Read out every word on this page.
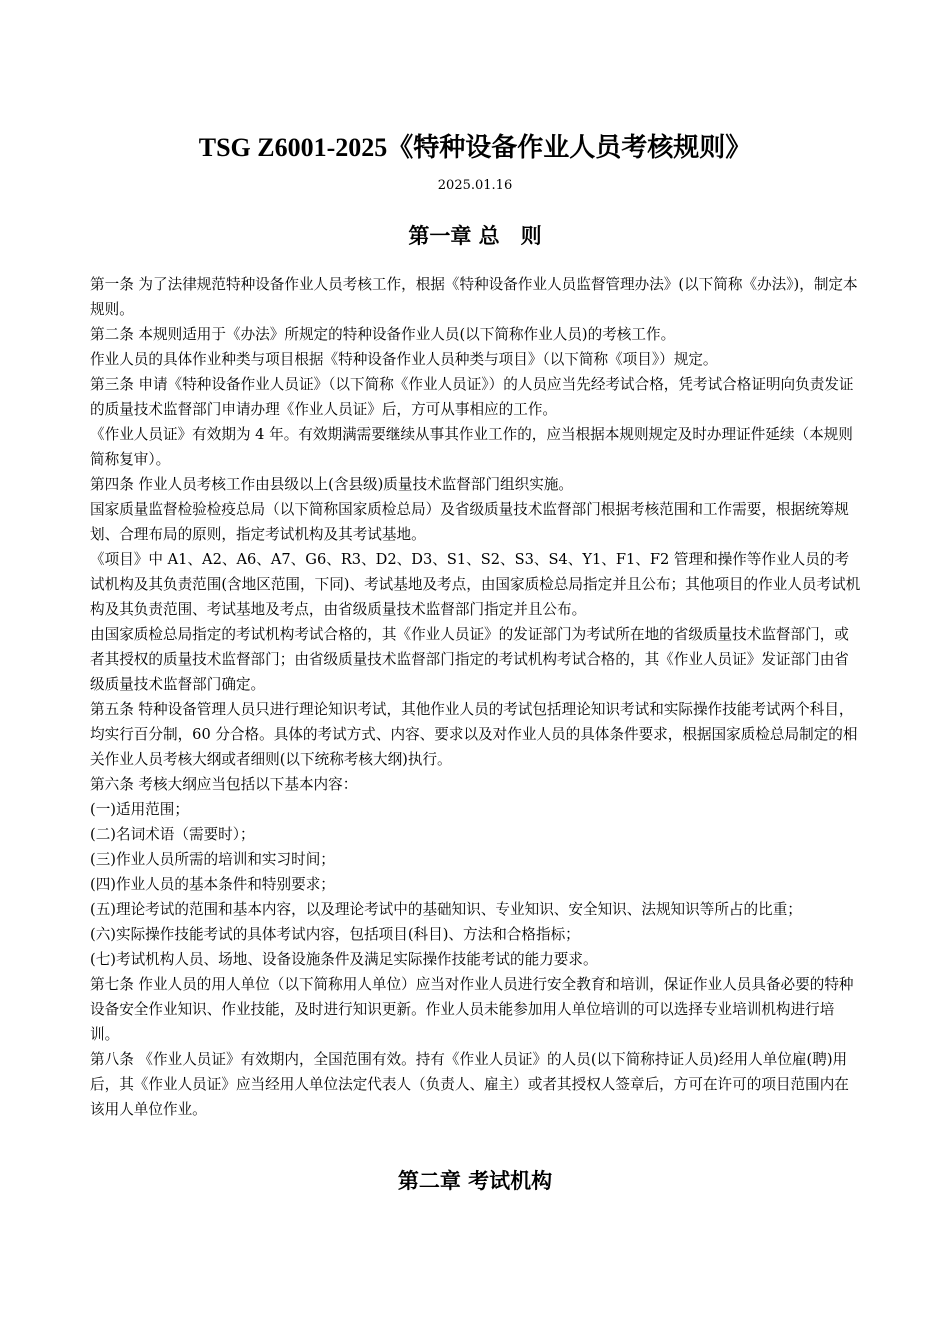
TSG Z6001-2025《特种设备作业人员考核规则》
2025.01.16
第一章 总　则

第一条 为了法律规范特种设备作业人员考核工作，根据《特种设备作业人员监督管理办法》(以下简称《办法》)，制定本规则。

第二条 本规则适用于《办法》所规定的特种设备作业人员(以下简称作业人员)的考核工作。

作业人员的具体作业种类与项目根据《特种设备作业人员种类与项目》（以下简称《项目》）规定。

第三条 申请《特种设备作业人员证》（以下简称《作业人员证》）的人员应当先经考试合格，凭考试合格证明向负责发证的质量技术监督部门申请办理《作业人员证》后，方可从事相应的工作。

《作业人员证》有效期为 4 年。有效期满需要继续从事其作业工作的，应当根据本规则规定及时办理证件延续（本规则简称复审）。

第四条 作业人员考核工作由县级以上(含县级)质量技术监督部门组织实施。

国家质量监督检验检疫总局（以下简称国家质检总局）及省级质量技术监督部门根据考核范围和工作需要，根据统筹规划、合理布局的原则，指定考试机构及其考试基地。

《项目》中 A1、A2、A6、A7、G6、R3、D2、D3、S1、S2、S3、S4、Y1、F1、F2 管理和操作等作业人员的考试机构及其负责范围(含地区范围，下同)、考试基地及考点，由国家质检总局指定并且公布；其他项目的作业人员考试机构及其负责范围、考试基地及考点，由省级质量技术监督部门指定并且公布。

由国家质检总局指定的考试机构考试合格的，其《作业人员证》的发证部门为考试所在地的省级质量技术监督部门，或者其授权的质量技术监督部门；由省级质量技术监督部门指定的考试机构考试合格的，其《作业人员证》发证部门由省级质量技术监督部门确定。

第五条 特种设备管理人员只进行理论知识考试，其他作业人员的考试包括理论知识考试和实际操作技能考试两个科目，均实行百分制，60 分合格。具体的考试方式、内容、要求以及对作业人员的具体条件要求，根据国家质检总局制定的相关作业人员考核大纲或者细则(以下统称考核大纲)执行。

第六条 考核大纲应当包括以下基本内容：

(一)适用范围；

(二)名词术语（需要时）；

(三)作业人员所需的培训和实习时间；

(四)作业人员的基本条件和特别要求；

(五)理论考试的范围和基本内容，以及理论考试中的基础知识、专业知识、安全知识、法规知识等所占的比重；

(六)实际操作技能考试的具体考试内容，包括项目(科目)、方法和合格指标；

(七)考试机构人员、场地、设备设施条件及满足实际操作技能考试的能力要求。

第七条 作业人员的用人单位（以下简称用人单位）应当对作业人员进行安全教育和培训，保证作业人员具备必要的特种设备安全作业知识、作业技能，及时进行知识更新。作业人员未能参加用人单位培训的可以选择专业培训机构进行培训。

第八条 《作业人员证》有效期内，全国范围有效。持有《作业人员证》的人员(以下简称持证人员)经用人单位雇(聘)用后，其《作业人员证》应当经用人单位法定代表人（负责人、雇主）或者其授权人签章后，方可在许可的项目范围内在该用人单位作业。

第二章 考试机构
